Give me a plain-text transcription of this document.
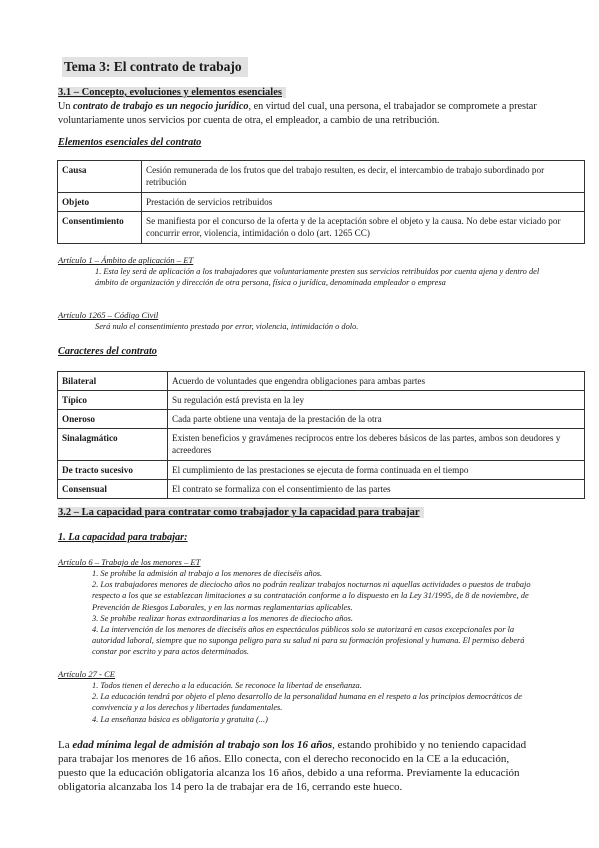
Tema 3: El contrato de trabajo

3.1 – Concepto, evoluciones y elementos esenciales

Un contrato de trabajo es un negocio jurídico, en virtud del cual, una persona, el trabajador se compromete a prestar voluntariamente unos servicios por cuenta de otra, el empleador, a cambio de una retribución.

Elementos esenciales del contrato

Causa	Cesión remunerada de los frutos que del trabajo resulten, es decir, el intercambio de trabajo subordinado por retribución
Objeto	Prestación de servicios retribuidos
Consentimiento	Se manifiesta por el concurso de la oferta y de la aceptación sobre el objeto y la causa. No debe estar viciado por concurrir error, violencia, intimidación o dolo (art. 1265 CC)

Artículo 1 – Ámbito de aplicación – ET

1. Esta ley será de aplicación a los trabajadores que voluntariamente presten sus servicios retribuidos por cuenta ajena y dentro del ámbito de organización y dirección de otra persona, física o jurídica, denominada empleador o empresa

Artículo 1265 – Código Civil

Será nulo el consentimiento prestado por error, violencia, intimidación o dolo.

Caracteres del contrato

Bilateral	Acuerdo de voluntades que engendra obligaciones para ambas partes
Típico	Su regulación está prevista en la ley
Oneroso	Cada parte obtiene una ventaja de la prestación de la otra
Sinalagmático	Existen beneficios y gravámenes recíprocos entre los deberes básicos de las partes, ambos son deudores y acreedores
De tracto sucesivo	El cumplimiento de las prestaciones se ejecuta de forma continuada en el tiempo
Consensual	El contrato se formaliza con el consentimiento de las partes

3.2 – La capacidad para contratar como trabajador y la capacidad para trabajar

1. La capacidad para trabajar:

Artículo 6 – Trabajo de los menores – ET

1. Se prohíbe la admisión al trabajo a los menores de dieciséis años.

2. Los trabajadores menores de dieciocho años no podrán realizar trabajos nocturnos ni aquellas actividades o puestos de trabajo respecto a los que se establezcan limitaciones a su contratación conforme a lo dispuesto en la Ley 31/1995, de 8 de noviembre, de Prevención de Riesgos Laborales, y en las normas reglamentarias aplicables.

3. Se prohíbe realizar horas extraordinarias a los menores de dieciocho años.

4. La intervención de los menores de dieciséis años en espectáculos públicos solo se autorizará en casos excepcionales por la autoridad laboral, siempre que no suponga peligro para su salud ni para su formación profesional y humana. El permiso deberá constar por escrito y para actos determinados.

Artículo 27 - CE

1. Todos tienen el derecho a la educación. Se reconoce la libertad de enseñanza.

2. La educación tendrá por objeto el pleno desarrollo de la personalidad humana en el respeto a los principios democráticos de convivencia y a los derechos y libertades fundamentales.

4. La enseñanza básica es obligatoria y gratuita (...)

La edad mínima legal de admisión al trabajo son los 16 años, estando prohibido y no teniendo capacidad para trabajar los menores de 16 años. Ello conecta, con el derecho reconocido en la CE a la educación, puesto que la educación obligatoria alcanza los 16 años, debido a una reforma. Previamente la educación obligatoria alcanzaba los 14 pero la de trabajar era de 16, cerrando este hueco.
